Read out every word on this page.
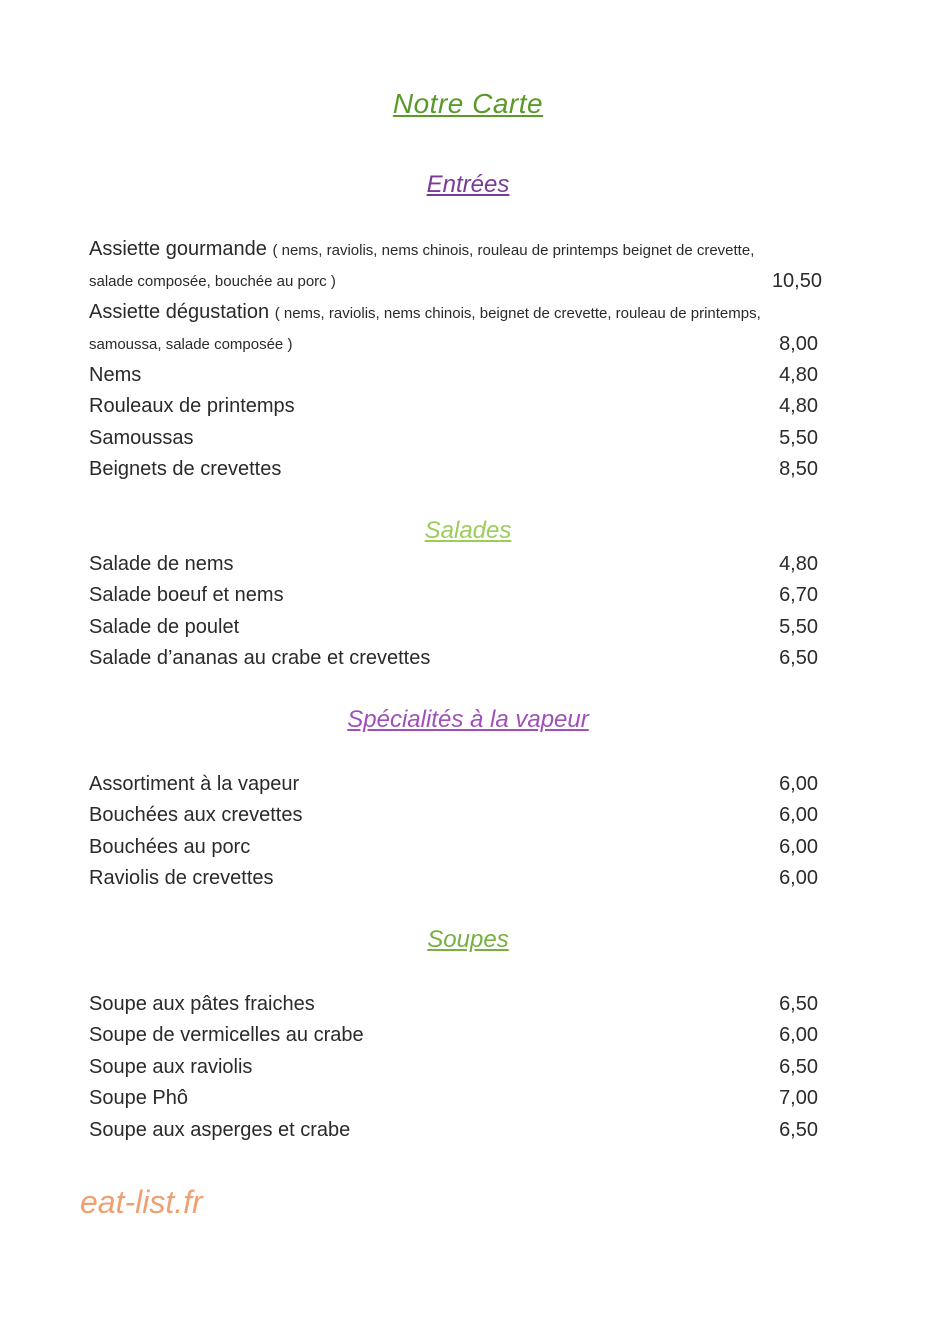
Notre Carte
Entrées
Assiette gourmande ( nems, raviolis, nems chinois, rouleau de printemps beignet de crevette,
salade composée, bouchée au porc )	10,50
Assiette dégustation ( nems, raviolis, nems chinois, beignet de crevette, rouleau de printemps,
samoussa, salade composée )	8,00
Nems	4,80
Rouleaux de printemps	4,80
Samoussas	5,50
Beignets de crevettes	8,50
Salades
Salade de nems	4,80
Salade boeuf et nems	6,70
Salade de poulet	5,50
Salade d’ananas au crabe et crevettes	6,50
Spécialités à la vapeur
Assortiment à la vapeur	6,00
Bouchées aux crevettes	6,00
Bouchées au porc	6,00
Raviolis de crevettes	6,00
Soupes
Soupe aux pâtes fraiches	6,50
Soupe de vermicelles au crabe	6,00
Soupe aux raviolis	6,50
Soupe Phô	7,00
Soupe aux asperges et crabe	6,50
eat-list.fr
